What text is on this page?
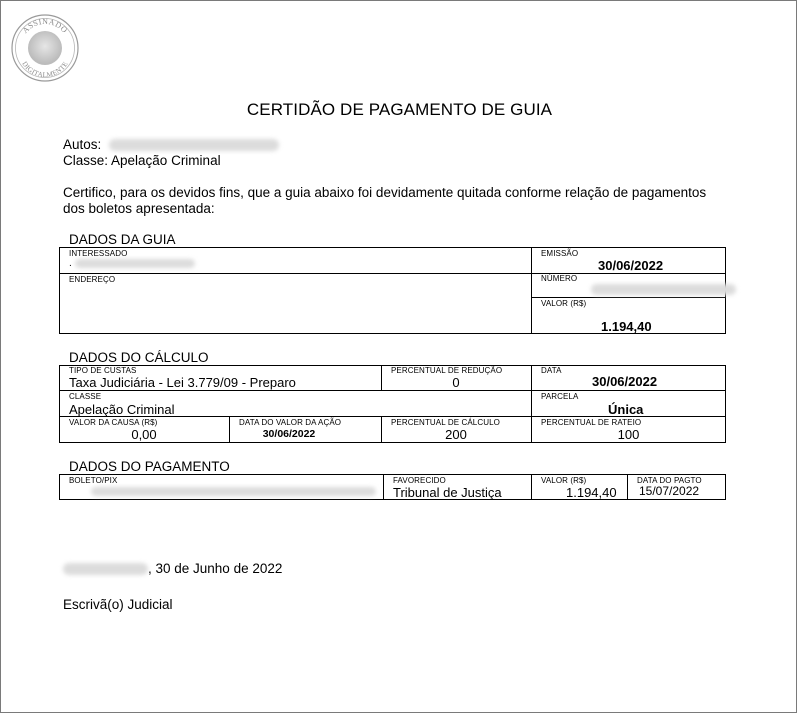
ASSINADO
DIGITALMENTE
CERTIDÃO DE PAGAMENTO DE GUIA
Autos:
Classe: Apelação Criminal
Certifico, para os devidos fins, que a guia abaixo foi devidamente quitada conforme relação de pagamentos
dos boletos apresentada:
DADOS DA GUIA
INTERESSADO
.
ENDEREÇO
EMISSÃO
30/06/2022
NÚMERO
VALOR (R$)
1.194,40
DADOS DO CÁLCULO
TIPO DE CUSTAS
Taxa Judiciária - Lei 3.779/09 - Preparo
PERCENTUAL DE REDUÇÃO
0
DATA
30/06/2022
CLASSE
Apelação Criminal
PARCELA
Única
VALOR DA CAUSA (R$)
0,00
DATA DO VALOR DA AÇÃO
30/06/2022
PERCENTUAL DE CÁLCULO
200
PERCENTUAL DE RATEIO
100
DADOS DO PAGAMENTO
BOLETO/PIX	FAVORECIDO
Tribunal de Justiça
VALOR (R$)
1.194,40
DATA DO PAGTO
15/07/2022
, 30 de Junho de 2022
Escrivã(o) Judicial
